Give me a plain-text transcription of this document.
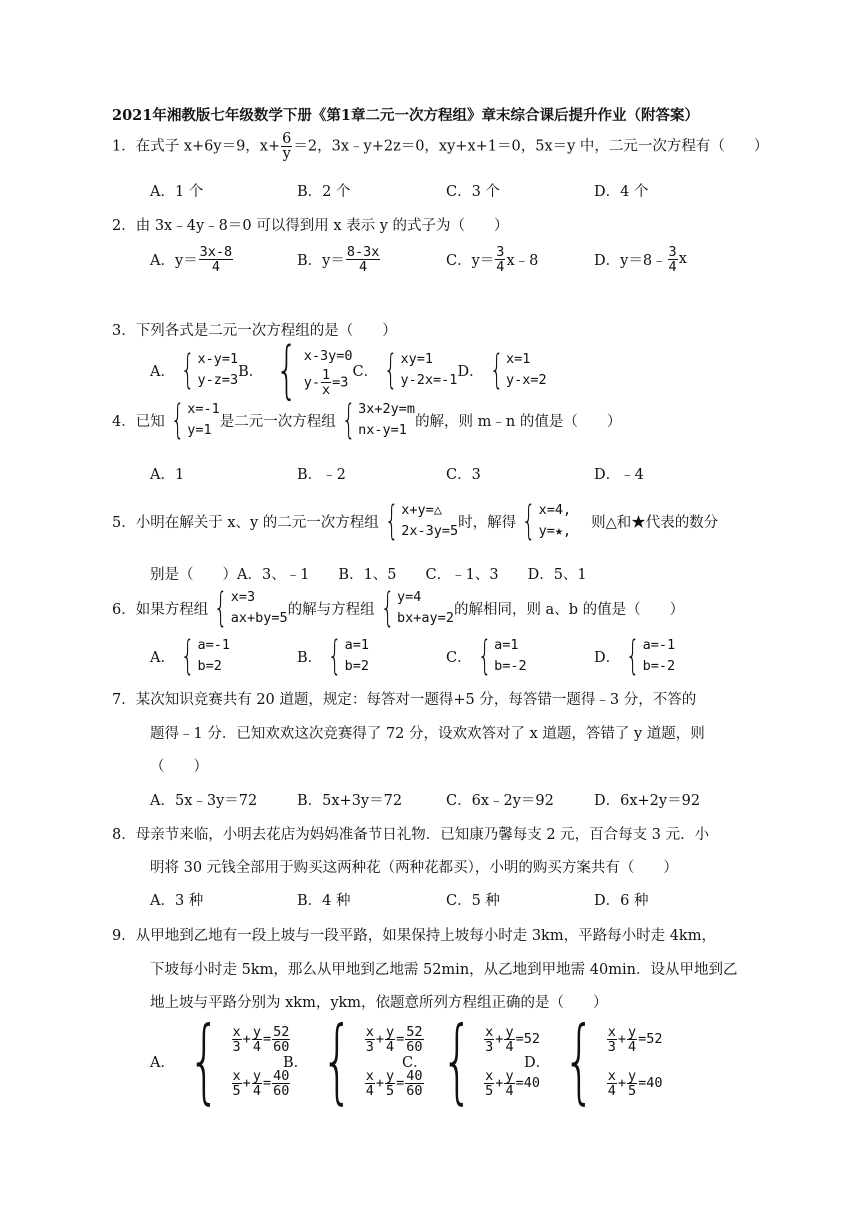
2021年湘教版七年级数学下册《第1章二元一次方程组》章末综合课后提升作业（附答案）
1．在式子 x+6y＝9，$x+ \frac{6}{y} =2$，3x﹣y+2z＝0，xy+x+1＝0，5x＝y 中，二元一次方程有（　　）
A．1 个	B．2 个	C．3 个	D．4 个
2．由 3x﹣4y﹣8＝0 可以得到用 x 表示 y 的式子为（　　）
A．$y= \frac{3x-8}{4}$	B．$y= \frac{8-3x}{4}$	C．$y= \frac{3}{4}$ x﹣8	D．y＝8﹣ $\frac{3}{4}$ x
3．下列各式是二元一次方程组的是（　　）
A． { x-y=1
y-z=3
B． { x-3y=0
$y- \frac{1}{x} =3$
C． { xy=1
y-2x=-1
D． { x=1
y-x=2
4．已知 { x=-1
y=1
是二元一次方程组 { 3x+2y=m
nx-y=1
的解，则 m﹣n 的值是（　　）
A．1	B．﹣2	C．3	D．﹣4
5．小明在解关于 x、y 的二元一次方程组 { x+y=△
2x-3y=5
时，解得 { x=4,
y=★,
则△和★代表的数分
别是（　　）A．3、﹣1　　B．1、5　　C．﹣1、3　　D．5、1
6．如果方程组 { x=3
ax+by=5
的解与方程组 { y=4
bx+ay=2
的解相同，则 a、b 的值是（　　）
A． { a=-1
b=2
B． { a=1
b=2
C． { a=1
b=-2
D． { a=-1
b=-2
7．某次知识竞赛共有 20 道题，规定：每答对一题得+5 分，每答错一题得﹣3 分，不答的
题得﹣1 分．已知欢欢这次竞赛得了 72 分，设欢欢答对了 x 道题，答错了 y 道题，则
（　　）
A．5x﹣3y＝72	B．5x+3y＝72	C．6x﹣2y＝92	D．6x+2y＝92
8．母亲节来临，小明去花店为妈妈准备节日礼物．已知康乃馨每支 2 元，百合每支 3 元．小
明将 30 元钱全部用于购买这两种花（两种花都买），小明的购买方案共有（　　）
A．3 种	B．4 种	C．5 种	D．6 种
9．从甲地到乙地有一段上坡与一段平路，如果保持上坡每小时走 3km，平路每小时走 4km，
下坡每小时走 5km，那么从甲地到乙地需 52min，从乙地到甲地需 40min．设从甲地到乙
地上坡与平路分别为 xkm，ykm，依题意所列方程组正确的是（　　）
A． { $\frac{x}{3} + \frac{y}{4} = \frac{52}{60}$
$\frac{x}{5} + \frac{y}{4} = \frac{40}{60}$
B． { $\frac{x}{3} + \frac{y}{4} = \frac{52}{60}$
$\frac{x}{4} + \frac{y}{5} = \frac{40}{60}$
C． { $\frac{x}{3} + \frac{y}{4} =52$
$\frac{x}{5} + \frac{y}{4} =40$
D． { $\frac{x}{3} + \frac{y}{4} =52$
$\frac{x}{4} + \frac{y}{5} =40$
